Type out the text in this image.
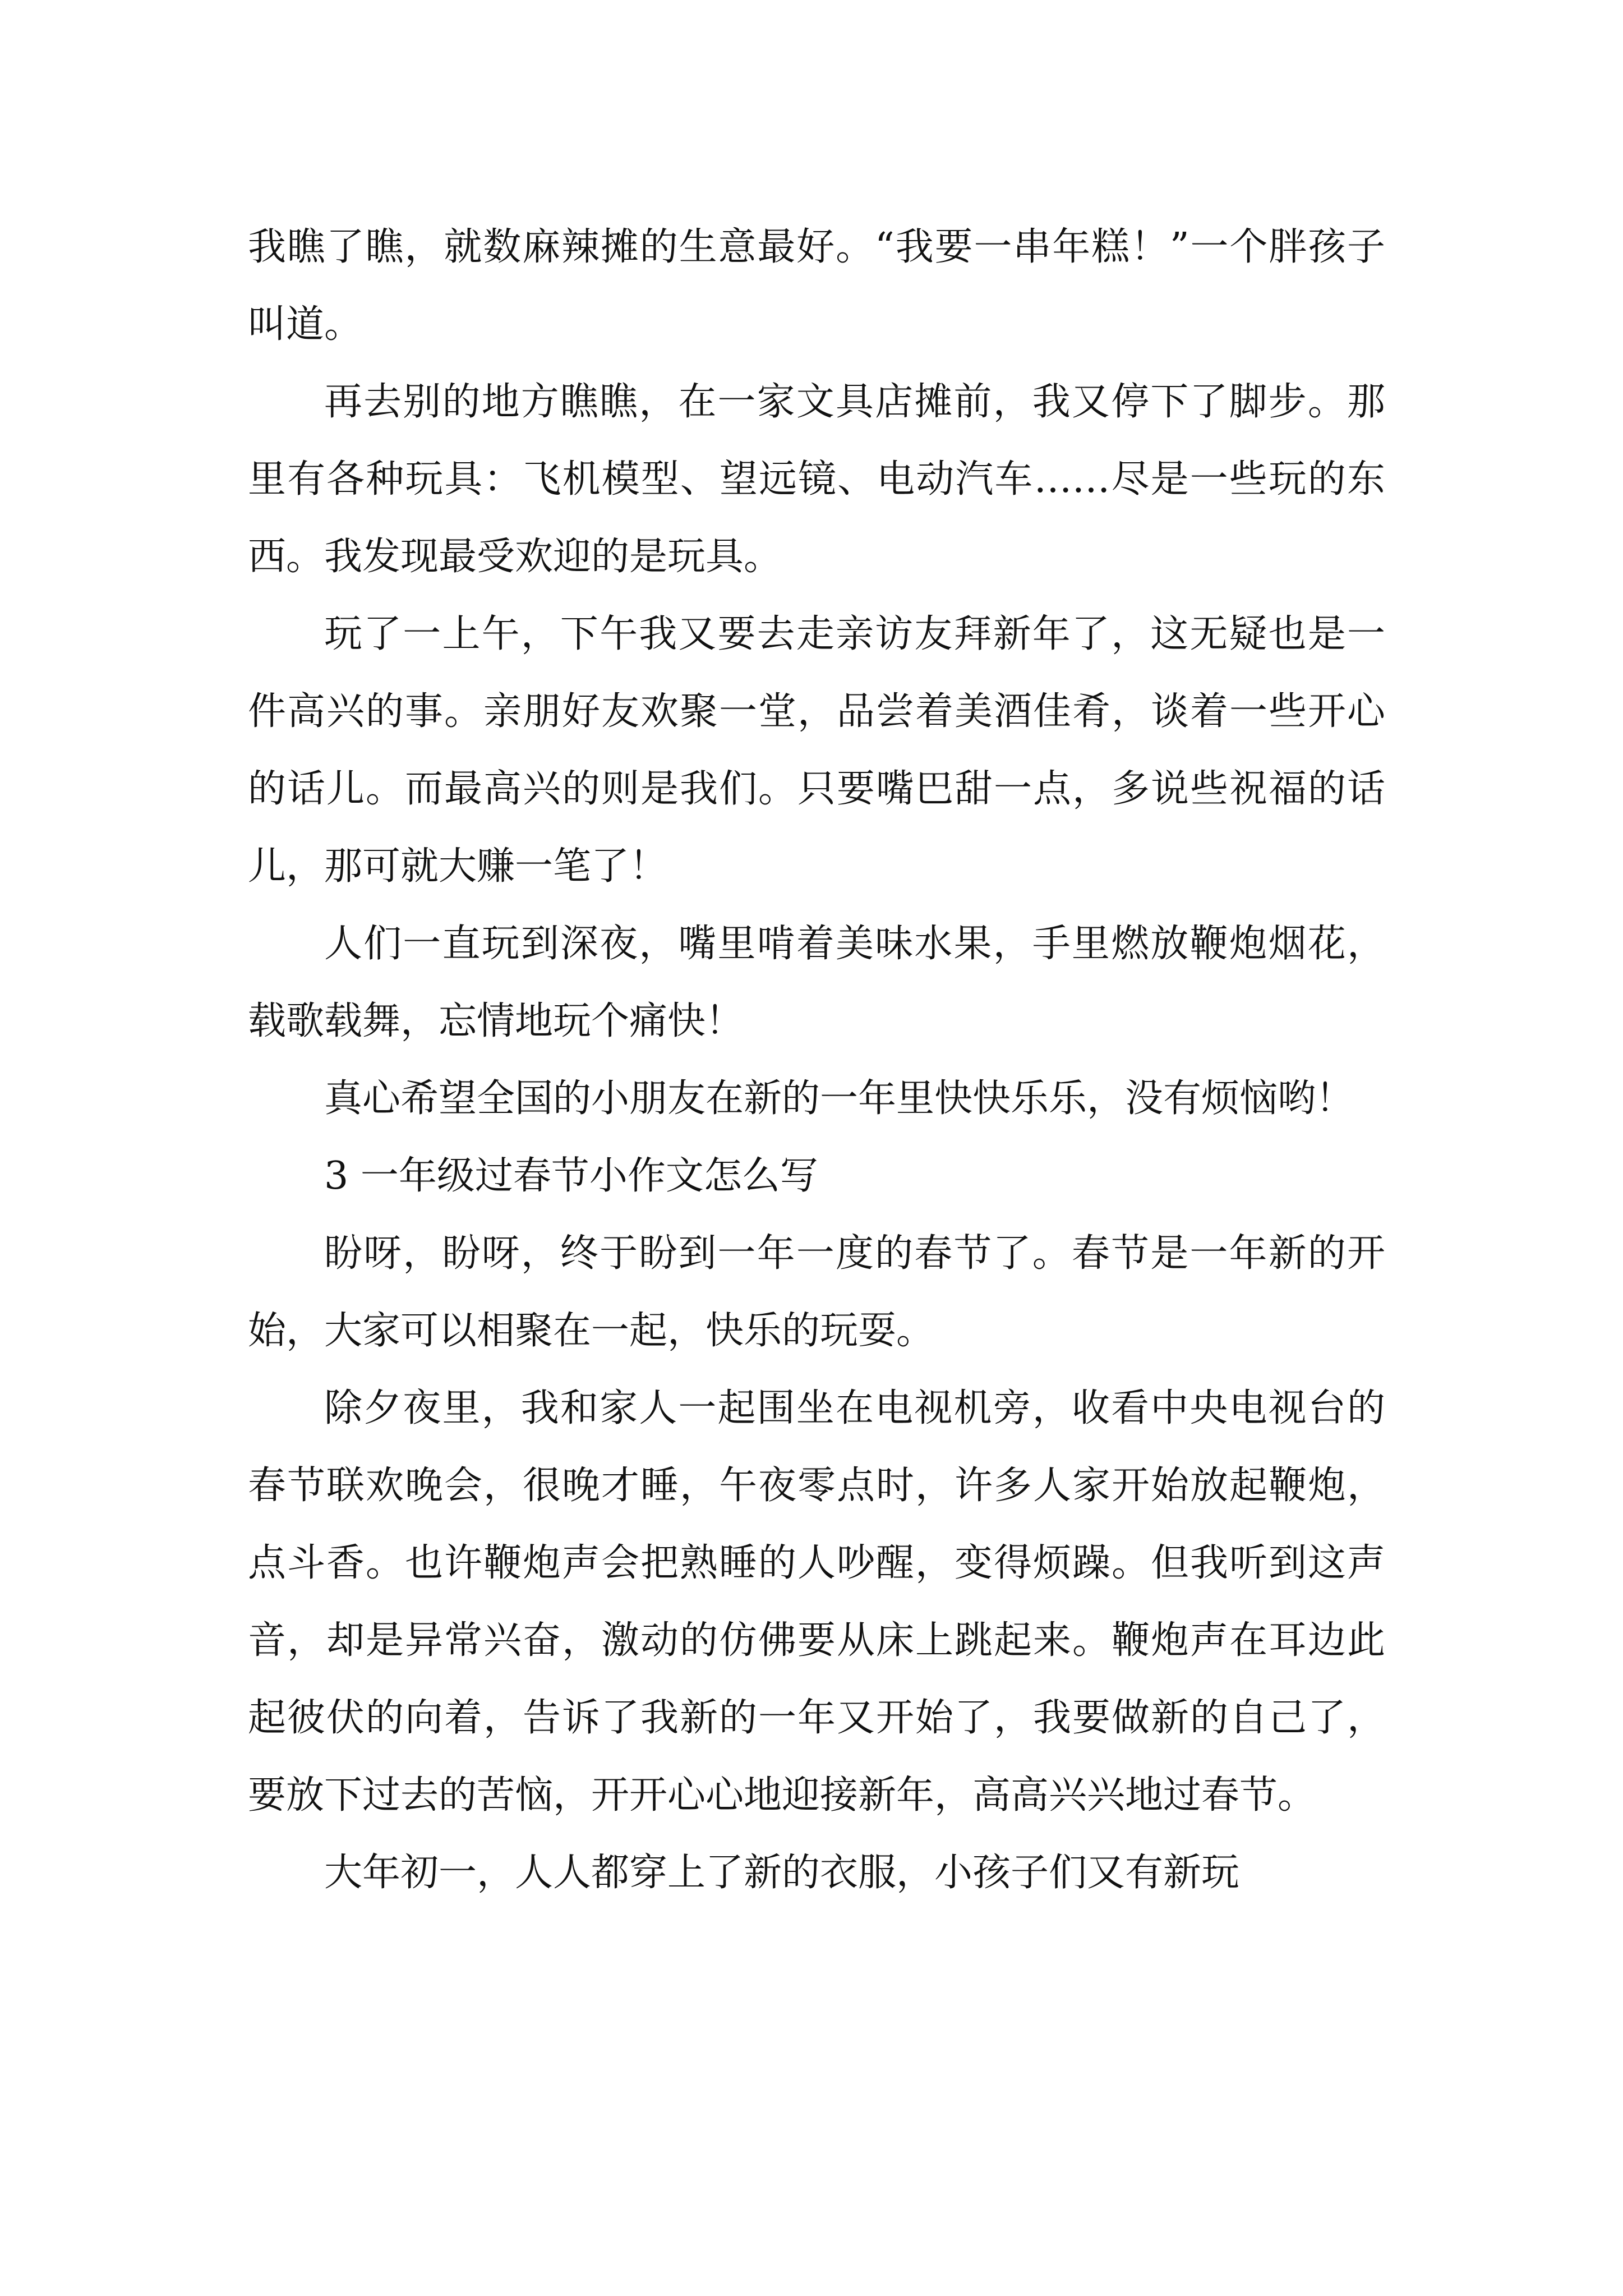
我瞧了瞧，就数麻辣摊的生意最好。“我要一串年糕！”一个胖孩子叫道。

再去别的地方瞧瞧，在一家文具店摊前，我又停下了脚步。那里有各种玩具：飞机模型、望远镜、电动汽车……尽是一些玩的东西。我发现最受欢迎的是玩具。

玩了一上午，下午我又要去走亲访友拜新年了，这无疑也是一件高兴的事。亲朋好友欢聚一堂，品尝着美酒佳肴，谈着一些开心的话儿。而最高兴的则是我们。只要嘴巴甜一点，多说些祝福的话儿，那可就大赚一笔了！

人们一直玩到深夜，嘴里啃着美味水果，手里燃放鞭炮烟花，载歌载舞，忘情地玩个痛快！

真心希望全国的小朋友在新的一年里快快乐乐，没有烦恼哟！

3 一年级过春节小作文怎么写

盼呀，盼呀，终于盼到一年一度的春节了。春节是一年新的开始，大家可以相聚在一起，快乐的玩耍。

除夕夜里，我和家人一起围坐在电视机旁，收看中央电视台的春节联欢晚会，很晚才睡，午夜零点时，许多人家开始放起鞭炮，点斗香。也许鞭炮声会把熟睡的人吵醒，变得烦躁。但我听到这声音，却是异常兴奋，激动的仿佛要从床上跳起来。鞭炮声在耳边此起彼伏的向着，告诉了我新的一年又开始了，我要做新的自己了，要放下过去的苦恼，开开心心地迎接新年，高高兴兴地过春节。

大年初一，人人都穿上了新的衣服，小孩子们又有新玩
